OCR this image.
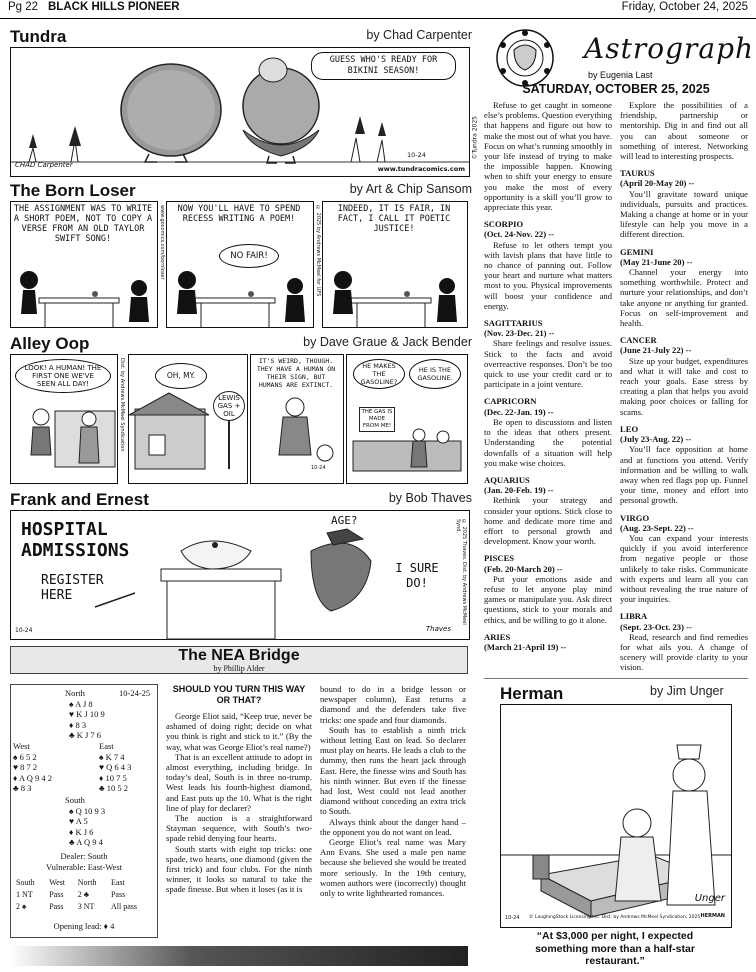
Pg 22 BLACK HILLS PIONEER	Friday, October 24, 2025
Tundra	by Chad Carpenter
GUESS WHO'S READY FOR BIKINI SEASON!
CHAD Carpenter
10-24
www.tundracomics.com
©Tundra 2025
The Born Loser	by Art & Chip Sansom
THE ASSIGNMENT WAS TO WRITE A SHORT POEM, NOT TO COPY A VERSE FROM AN OLD TAYLOR SWIFT SONG!
NOW YOU'LL HAVE TO SPEND RECESS WRITING A POEM!
NO FAIR!
INDEED, IT IS FAIR, IN FACT, I CALL IT POETIC JUSTICE!
www.gocomics.com/bornloser	© 2025 by Andrews McMeel for UFS
Alley Oop	by Dave Graue & Jack Bender
LOOK! A HUMAN! THE FIRST ONE WE'VE SEEN ALL DAY!
OH, MY.
LEWIS GAS + OIL
IT'S WEIRD, THOUGH. THEY HAVE A HUMAN ON THEIR SIGN, BUT HUMANS ARE EXTINCT.
10-24
HE MAKES THE GASOLINE?
HE IS THE GASOLINE.
THE GAS IS MADE FROM ME!
Dist. by Andrews McMeel Syndication
Frank and Ernest	by Bob Thaves
HOSPITAL ADMISSIONS
REGISTER HERE
AGE?
I SURE DO!
10-24	Thaves
© 2025 Thaves. Dist. by Andrews McMeel Synd.
The NEA Bridge
by Phillip Alder
North	10-24-25
♠ A J 8
♥ K J 10 9
♦ 8 3
♣ K J 7 6
West	East
♠ 6 5 2
♥ 8 7 2
♦ A Q 9 4 2
♣ 8 3
♠ K 7 4
♥ Q 6 4 3
♦ 10 7 5
♣ 10 5 2
South
♠ Q 10 9 3
♥ A 5
♦ K J 6
♣ A Q 9 4
Dealer: South
Vulnerable: East-West
South	West	North	East
1 NT	Pass	2 ♣	Pass
2 ♠	Pass	3 NT	All pass
Opening lead: ♦ 4
SHOULD YOU TURN THIS WAY OR THAT?

George Eliot said, “Keep true, never be ashamed of doing right; decide on what you think is right and stick to it.” (By the way, what was George Eliot’s real name?)

That is an excellent attitude to adopt in almost everything, including bridge. In today’s deal, South is in three no-trump. West leads his fourth-highest diamond, and East puts up the 10. What is the right line of play for declarer?

The auction is a straightforward Stayman sequence, with South’s two-spade rebid denying four hearts.

South starts with eight top tricks: one spade, two hearts, one diamond (given the first trick) and four clubs. For the ninth winner, it looks so natural to take the spade finesse. But when it loses (as it is

bound to do in a bridge lesson or newspaper column), East returns a diamond and the defenders take five tricks: one spade and four diamonds.

South has to establish a ninth trick without letting East on lead. So declarer must play on hearts. He leads a club to the dummy, then runs the heart jack through East. Here, the finesse wins and South has his ninth winner. But even if the finesse had lost, West could not lead another diamond without conceding an extra trick to South.

Always think about the danger hand – the opponent you do not want on lead.

George Eliot’s real name was Mary Ann Evans. She used a male pen name because she believed she would be treated more seriously. In the 19th century, women authors were (incorrectly) thought only to write lighthearted romances.

Astrograph
by Eugenia Last
SATURDAY, OCTOBER 25, 2025

Refuse to get caught in someone else’s problems. Question everything that happens and figure out how to make the most out of what you have. Focus on what’s running smoothly in your life instead of trying to make the impossible happen. Knowing when to shift your energy to ensure you make the most of every opportunity is a skill you’ll grow to appreciate this year.

SCORPIO
(Oct. 24-Nov. 22) --

Refuse to let others tempt you with lavish plans that have little to no chance of panning out. Follow your heart and nurture what matters most to you. Physical improvements will boost your confidence and energy.

SAGITTARIUS
(Nov. 23-Dec. 21) --

Share feelings and resolve issues. Stick to the facts and avoid overreactive responses. Don’t be too quick to use your credit card or to participate in a joint venture.

CAPRICORN
(Dec. 22-Jan. 19) --

Be open to discussions and listen to the ideas that others present. Understanding the potential downfalls of a situation will help you make wise choices.

AQUARIUS
(Jan. 20-Feb. 19) --

Rethink your strategy and consider your options. Stick close to home and dedicate more time and effort to personal growth and development. Know your worth.

PISCES
(Feb. 20-March 20) --

Put your emotions aside and refuse to let anyone play mind games or manipulate you. Ask direct questions, stick to your morals and ethics, and be willing to go it alone.

ARIES
(March 21-April 19) --

Explore the possibilities of a friendship, partnership or mentorship. Dig in and find out all you can about someone or something of interest. Networking will lead to interesting prospects.

TAURUS
(April 20-May 20) --

You’ll gravitate toward unique individuals, pursuits and practices. Making a change at home or in your lifestyle can help you move in a different direction.

GEMINI
(May 21-June 20) --

Channel your energy into something worthwhile. Protect and nurture your relationships, and don’t take anyone or anything for granted. Focus on self-improvement and health.

CANCER
(June 21-July 22) --

Size up your budget, expenditures and what it will take and cost to reach your goals. Ease stress by creating a plan that helps you avoid making poor choices or falling for scams.

LEO
(July 23-Aug. 22) --

You’ll face opposition at home and at functions you attend. Verify information and be willing to walk away when red flags pop up. Funnel your time, money and effort into personal growth.

VIRGO
(Aug. 23-Sept. 22) --

You can expand your interests quickly if you avoid interference from negative people or those unlikely to take risks. Communicate with experts and learn all you can without revealing the true nature of your inquiries.

LIBRA
(Sept. 23-Oct. 23) --

Read, research and find remedies for what ails you. A change of scenery will provide clarity to your vision.

Herman	by Jim Unger
10-24 © LaughingStock Licensing Inc. Dist. by Andrews McMeel Syndication, 2025
Unger
HERMAN
“At $3,000 per night, I expected something more than a half-star restaurant.”
